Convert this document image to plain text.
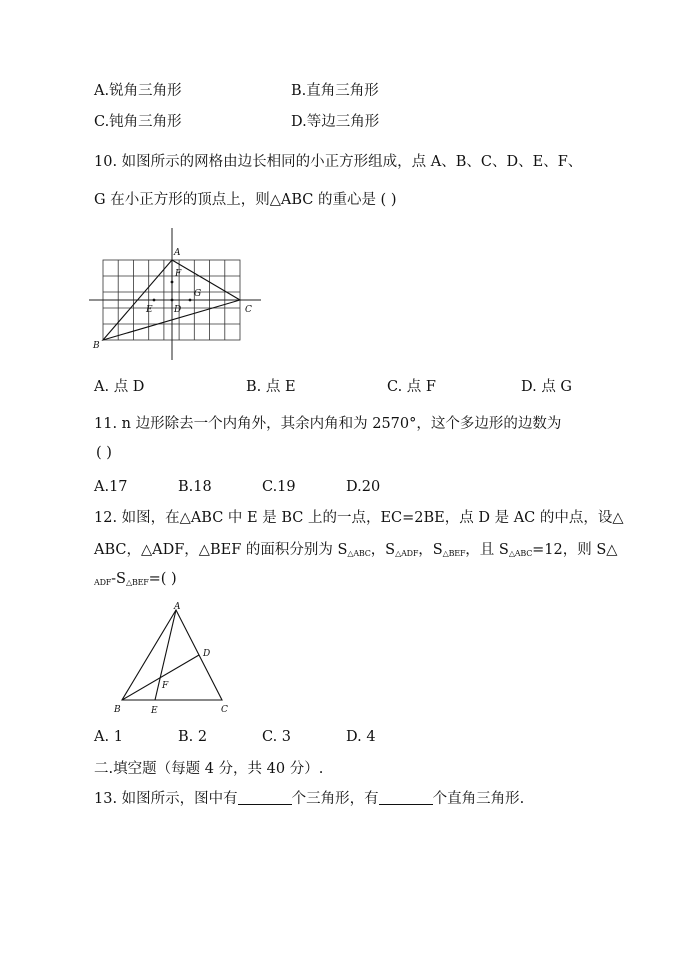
A.锐角三角形	B.直角三角形
C.钝角三角形	D.等边三角形
10. 如图所示的网格由边长相同的小正方形组成，点 A、B、C、D、E、F、
G 在小正方形的顶点上，则△ABC 的重心是 ( )
A
B
C
D
E
F
G
A. 点 D	B. 点 E	C. 点 F	D. 点 G
11. n 边形除去一个内角外，其余内角和为 2570°，这个多边形的边数为
( )
A.17	B.18	C.19	D.20
12. 如图，在△ABC 中 E 是 BC 上的一点，EC=2BE，点 D 是 AC 的中点，设△
ABC，△ADF，△BEF 的面积分别为 $S_{\triangle ABC}$，$S_{\triangle ADF}$，$S_{\triangle BEF}$，且 $S_{\triangle ABC}=12$，则 S△
$_{ADF}-S_{\triangle BEF}=$( )
A
B	C
D
E
F
A. 1	B. 2	C. 3	D. 4
二.填空题（每题 4 分，共 40 分）.
13. 如图所示，图中有	个三角形，有	个直角三角形.
